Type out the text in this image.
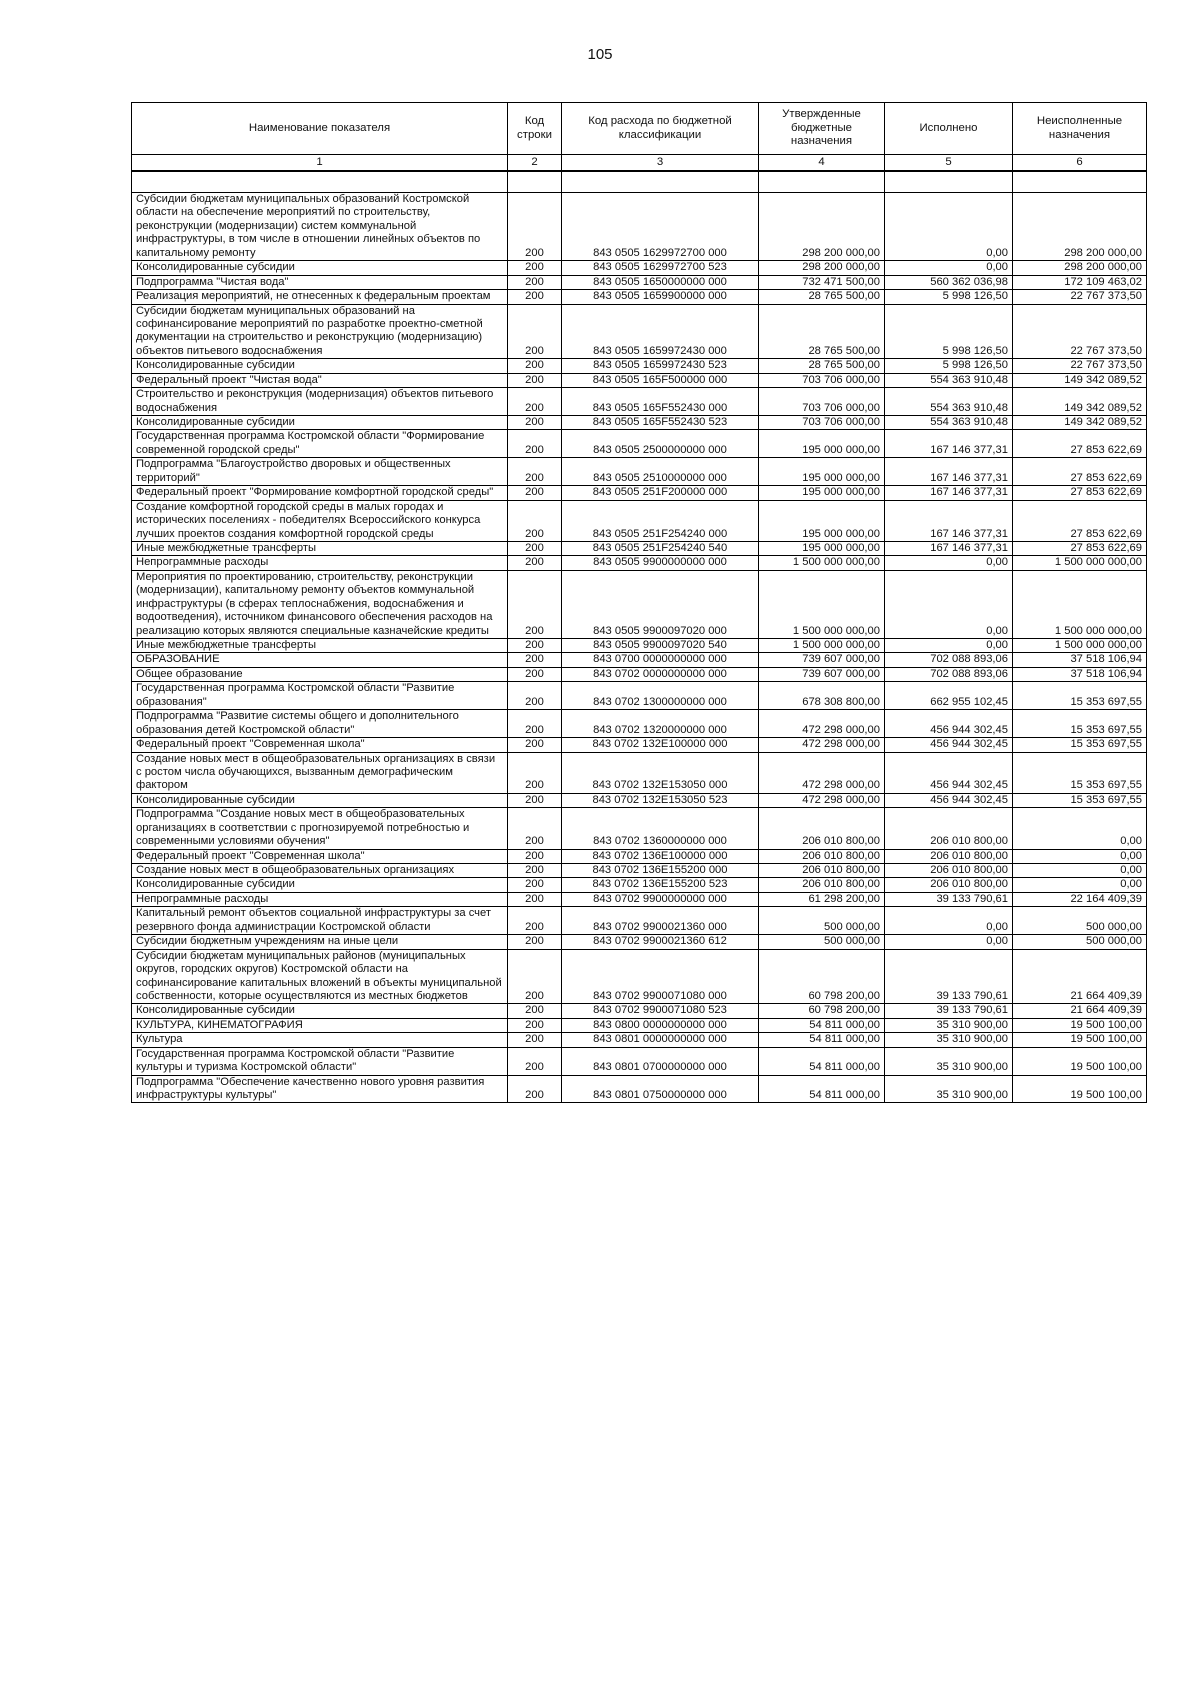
105
Наименование показателя	Код строки	Код расхода по бюджетной классификации	Утвержденные бюджетные назначения	Исполнено	Неисполненные назначения
1	2	3	4	5	6

Субсидии бюджетам муниципальных образований Костромской области на обеспечение мероприятий по строительству, реконструкции (модернизации) систем коммунальной инфраструктуры, в том числе в отношении линейных объектов по капитальному ремонту	200	843 0505 1629972700 000	298 200 000,00	0,00	298 200 000,00
Консолидированные субсидии	200	843 0505 1629972700 523	298 200 000,00	0,00	298 200 000,00
Подпрограмма "Чистая вода"	200	843 0505 1650000000 000	732 471 500,00	560 362 036,98	172 109 463,02
Реализация мероприятий, не отнесенных к федеральным проектам	200	843 0505 1659900000 000	28 765 500,00	5 998 126,50	22 767 373,50
Субсидии бюджетам муниципальных образований на софинансирование мероприятий по разработке проектно-сметной документации на строительство и реконструкцию (модернизацию) объектов питьевого водоснабжения	200	843 0505 1659972430 000	28 765 500,00	5 998 126,50	22 767 373,50
Консолидированные субсидии	200	843 0505 1659972430 523	28 765 500,00	5 998 126,50	22 767 373,50
Федеральный проект "Чистая вода"	200	843 0505 165F500000 000	703 706 000,00	554 363 910,48	149 342 089,52
Строительство и реконструкция (модернизация) объектов питьевого водоснабжения	200	843 0505 165F552430 000	703 706 000,00	554 363 910,48	149 342 089,52
Консолидированные субсидии	200	843 0505 165F552430 523	703 706 000,00	554 363 910,48	149 342 089,52
Государственная программа Костромской области "Формирование современной городской среды"	200	843 0505 2500000000 000	195 000 000,00	167 146 377,31	27 853 622,69
Подпрограмма "Благоустройство дворовых и общественных территорий"	200	843 0505 2510000000 000	195 000 000,00	167 146 377,31	27 853 622,69
Федеральный проект "Формирование комфортной городской среды"	200	843 0505 251F200000 000	195 000 000,00	167 146 377,31	27 853 622,69
Создание комфортной городской среды в малых городах и исторических поселениях - победителях Всероссийского конкурса лучших проектов создания комфортной городской среды	200	843 0505 251F254240 000	195 000 000,00	167 146 377,31	27 853 622,69
Иные межбюджетные трансферты	200	843 0505 251F254240 540	195 000 000,00	167 146 377,31	27 853 622,69
Непрограммные расходы	200	843 0505 9900000000 000	1 500 000 000,00	0,00	1 500 000 000,00
Мероприятия по проектированию, строительству, реконструкции (модернизации), капитальному ремонту объектов коммунальной инфраструктуры (в сферах теплоснабжения, водоснабжения и водоотведения), источником финансового обеспечения расходов на реализацию которых являются специальные казначейские кредиты	200	843 0505 9900097020 000	1 500 000 000,00	0,00	1 500 000 000,00
Иные межбюджетные трансферты	200	843 0505 9900097020 540	1 500 000 000,00	0,00	1 500 000 000,00
ОБРАЗОВАНИЕ	200	843 0700 0000000000 000	739 607 000,00	702 088 893,06	37 518 106,94
Общее образование	200	843 0702 0000000000 000	739 607 000,00	702 088 893,06	37 518 106,94
Государственная программа Костромской области "Развитие образования"	200	843 0702 1300000000 000	678 308 800,00	662 955 102,45	15 353 697,55
Подпрограмма "Развитие системы общего и дополнительного образования детей Костромской области"	200	843 0702 1320000000 000	472 298 000,00	456 944 302,45	15 353 697,55
Федеральный проект "Современная школа"	200	843 0702 132E100000 000	472 298 000,00	456 944 302,45	15 353 697,55
Создание новых мест в общеобразовательных организациях в связи с ростом числа обучающихся, вызванным демографическим фактором	200	843 0702 132E153050 000	472 298 000,00	456 944 302,45	15 353 697,55
Консолидированные субсидии	200	843 0702 132E153050 523	472 298 000,00	456 944 302,45	15 353 697,55
Подпрограмма "Создание новых мест в общеобразовательных организациях в соответствии с прогнозируемой потребностью и современными условиями обучения"	200	843 0702 1360000000 000	206 010 800,00	206 010 800,00	0,00
Федеральный проект "Современная школа"	200	843 0702 136E100000 000	206 010 800,00	206 010 800,00	0,00
Создание новых мест в общеобразовательных организациях	200	843 0702 136E155200 000	206 010 800,00	206 010 800,00	0,00
Консолидированные субсидии	200	843 0702 136E155200 523	206 010 800,00	206 010 800,00	0,00
Непрограммные расходы	200	843 0702 9900000000 000	61 298 200,00	39 133 790,61	22 164 409,39
Капитальный ремонт объектов социальной инфраструктуры за счет резервного фонда администрации Костромской области	200	843 0702 9900021360 000	500 000,00	0,00	500 000,00
Субсидии бюджетным учреждениям на иные цели	200	843 0702 9900021360 612	500 000,00	0,00	500 000,00
Субсидии бюджетам муниципальных районов (муниципальных округов, городских округов) Костромской области на софинансирование капитальных вложений в объекты муниципальной собственности, которые осуществляются из местных бюджетов	200	843 0702 9900071080 000	60 798 200,00	39 133 790,61	21 664 409,39
Консолидированные субсидии	200	843 0702 9900071080 523	60 798 200,00	39 133 790,61	21 664 409,39
КУЛЬТУРА, КИНЕМАТОГРАФИЯ	200	843 0800 0000000000 000	54 811 000,00	35 310 900,00	19 500 100,00
Культура	200	843 0801 0000000000 000	54 811 000,00	35 310 900,00	19 500 100,00
Государственная программа Костромской области "Развитие культуры и туризма Костромской области"	200	843 0801 0700000000 000	54 811 000,00	35 310 900,00	19 500 100,00
Подпрограмма "Обеспечение качественно нового уровня развития инфраструктуры культуры"	200	843 0801 0750000000 000	54 811 000,00	35 310 900,00	19 500 100,00
